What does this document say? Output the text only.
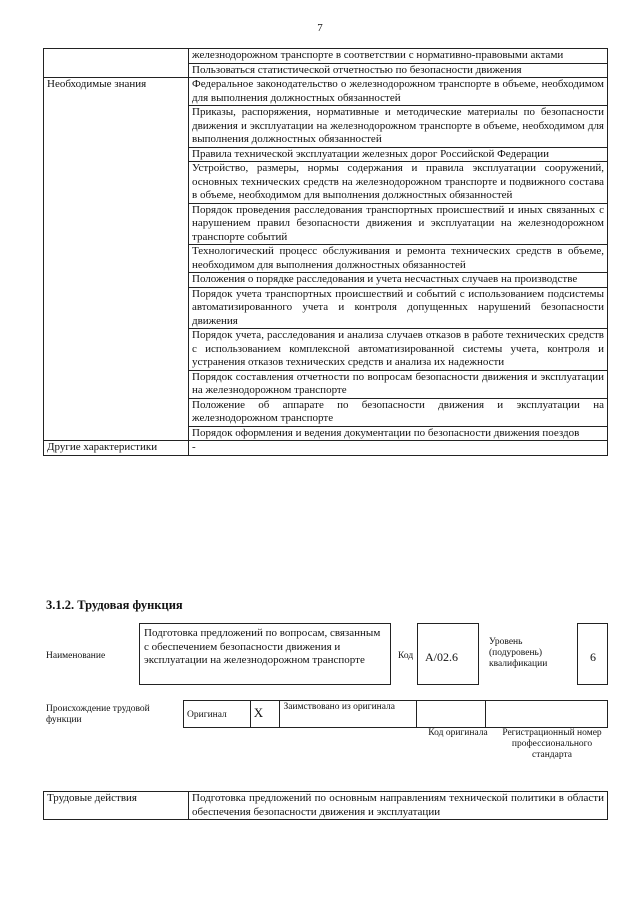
7
	железнодорожном транспорте в соответствии с нормативно-правовыми актами
	Пользоваться статистической отчетностью по безопасности движения
Необходимые знания	Федеральное законодательство о железнодорожном транспорте в объеме, необходимом для выполнения должностных обязанностей
	Приказы, распоряжения, нормативные и методические материалы по безопасности движения и эксплуатации на железнодорожном транспорте в объеме, необходимом для выполнения должностных обязанностей
	Правила технической эксплуатации железных дорог Российской Федерации
	Устройство, размеры, нормы содержания и правила эксплуатации сооружений, основных технических средств на железнодорожном транспорте и подвижного состава в объеме, необходимом для выполнения должностных обязанностей
	Порядок проведения расследования транспортных происшествий и иных связанных с нарушением правил безопасности движения и эксплуатации на железнодорожном транспорте событий
	Технологический процесс обслуживания и ремонта технических средств в объеме, необходимом для выполнения должностных обязанностей
	Положения о порядке расследования и учета несчастных случаев на производстве
	Порядок учета транспортных происшествий и событий с использованием подсистемы автоматизированного учета и контроля допущенных нарушений безопасности движения
	Порядок учета, расследования и анализа случаев отказов в работе технических средств с использованием комплексной автоматизированной системы учета, контроля и устранения отказов технических средств и анализа их надежности
	Порядок составления отчетности по вопросам безопасности движения и эксплуатации на железнодорожном транспорте
	Положение об аппарате по безопасности движения и эксплуатации на железнодорожном транспорте
	Порядок оформления и ведения документации по безопасности движения поездов
Другие характеристики	-
3.1.2. Трудовая функция
Наименование
Подготовка предложений по вопросам, связанным с обеспечением безопасности движения и эксплуатации на железнодорожном транспорте	Код A/02.6
Уровень (подуровень) квалификации	6
Происхождение трудовой функции	Оригинал	X	Заимствовано из оригинала		
Код оригинала	Регистрационный номер профессионального стандарта
Трудовые действия	Подготовка предложений по основным направлениям технической политики в области обеспечения безопасности движения и эксплуатации
